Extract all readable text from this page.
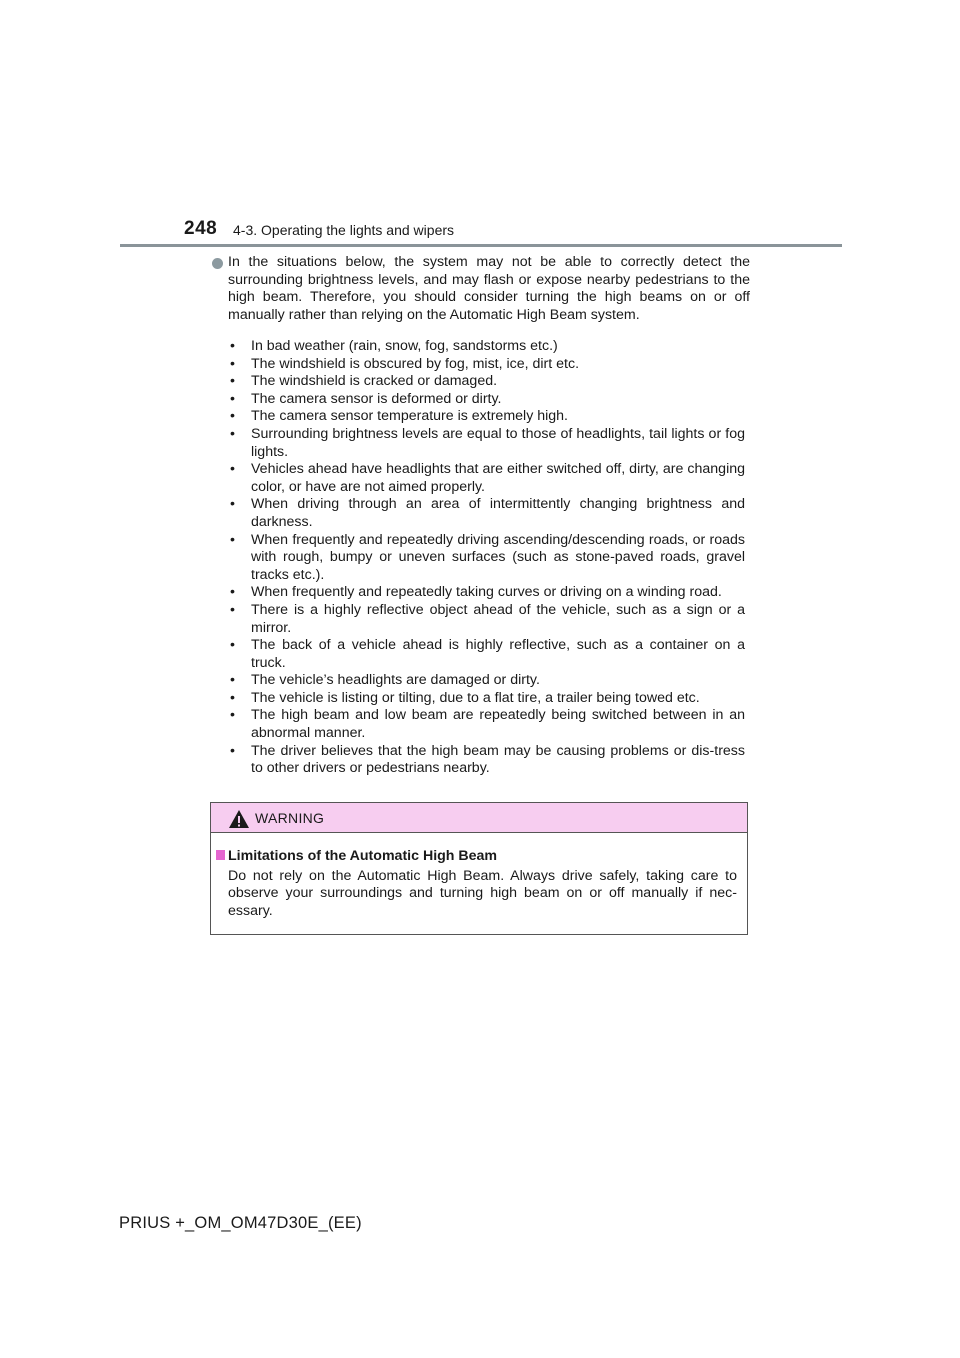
248 4-3. Operating the lights and wipers
In the situations below, the system may not be able to correctly detect the surrounding brightness levels, and may flash or expose nearby pedestrians to the high beam. Therefore, you should consider turning the high beams on or off manually rather than relying on the Automatic High Beam system.
• In bad weather (rain, snow, fog, sandstorms etc.)
• The windshield is obscured by fog, mist, ice, dirt etc.
• The windshield is cracked or damaged.
• The camera sensor is deformed or dirty.
• The camera sensor temperature is extremely high.
• Surrounding brightness levels are equal to those of headlights, tail lights or fog lights.
• Vehicles ahead have headlights that are either switched off, dirty, are changing color, or have are not aimed properly.
• When driving through an area of intermittently changing brightness and darkness.
• When frequently and repeatedly driving ascending/descending roads, or roads with rough, bumpy or uneven surfaces (such as stone-paved roads, gravel tracks etc.).
• When frequently and repeatedly taking curves or driving on a winding road.
• There is a highly reflective object ahead of the vehicle, such as a sign or a mirror.
• The back of a vehicle ahead is highly reflective, such as a container on a truck.
• The vehicle’s headlights are damaged or dirty.
• The vehicle is listing or tilting, due to a flat tire, a trailer being towed etc.
• The high beam and low beam are repeatedly being switched between in an abnormal manner.
• The driver believes that the high beam may be causing problems or dis-tress to other drivers or pedestrians nearby.
WARNING
Limitations of the Automatic High Beam
Do not rely on the Automatic High Beam. Always drive safely, taking care to observe your surroundings and turning high beam on or off manually if nec-essary.
PRIUS +_OM_OM47D30E_(EE)
